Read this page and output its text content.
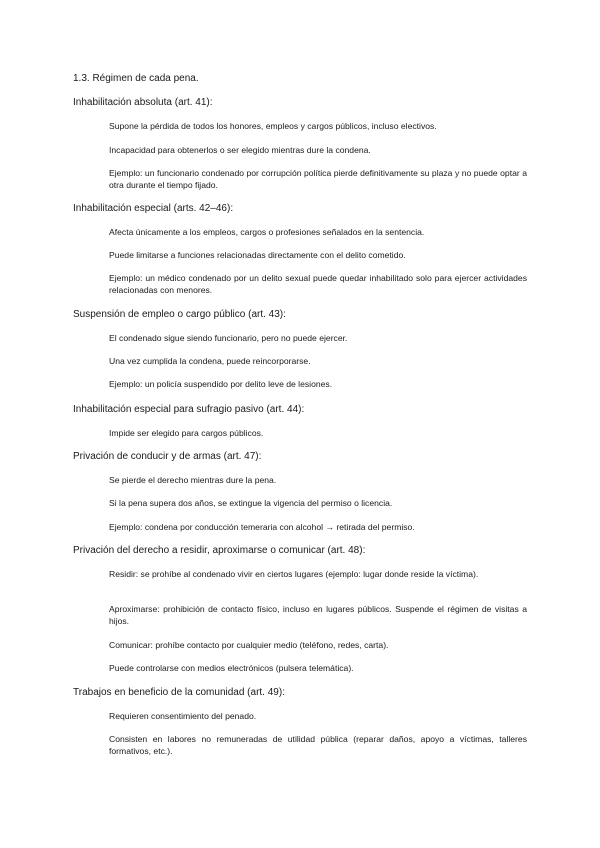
1.3. Régimen de cada pena.
Inhabilitación absoluta (art. 41):
Supone la pérdida de todos los honores, empleos y cargos públicos, incluso electivos.
Incapacidad para obtenerlos o ser elegido mientras dure la condena.
Ejemplo: un funcionario condenado por corrupción política pierde definitivamente su plaza y no puede optar a otra durante el tiempo fijado.
Inhabilitación especial (arts. 42–46):
Afecta únicamente a los empleos, cargos o profesiones señalados en la sentencia.
Puede limitarse a funciones relacionadas directamente con el delito cometido.
Ejemplo: un médico condenado por un delito sexual puede quedar inhabilitado solo para ejercer actividades relacionadas con menores.
Suspensión de empleo o cargo público (art. 43):
El condenado sigue siendo funcionario, pero no puede ejercer.
Una vez cumplida la condena, puede reincorporarse.
Ejemplo: un policía suspendido por delito leve de lesiones.
Inhabilitación especial para sufragio pasivo (art. 44):
Impide ser elegido para cargos públicos.
Privación de conducir y de armas (art. 47):
Se pierde el derecho mientras dure la pena.
Si la pena supera dos años, se extingue la vigencia del permiso o licencia.
Ejemplo: condena por conducción temeraria con alcohol → retirada del permiso.
Privación del derecho a residir, aproximarse o comunicar (art. 48):
Residir: se prohíbe al condenado vivir en ciertos lugares (ejemplo: lugar donde reside la víctima).
Aproximarse: prohibición de contacto físico, incluso en lugares públicos. Suspende el régimen de visitas a hijos.
Comunicar: prohíbe contacto por cualquier medio (teléfono, redes, carta).
Puede controlarse con medios electrónicos (pulsera telemática).
Trabajos en beneficio de la comunidad (art. 49):
Requieren consentimiento del penado.
Consisten en labores no remuneradas de utilidad pública (reparar daños, apoyo a víctimas, talleres formativos, etc.).
